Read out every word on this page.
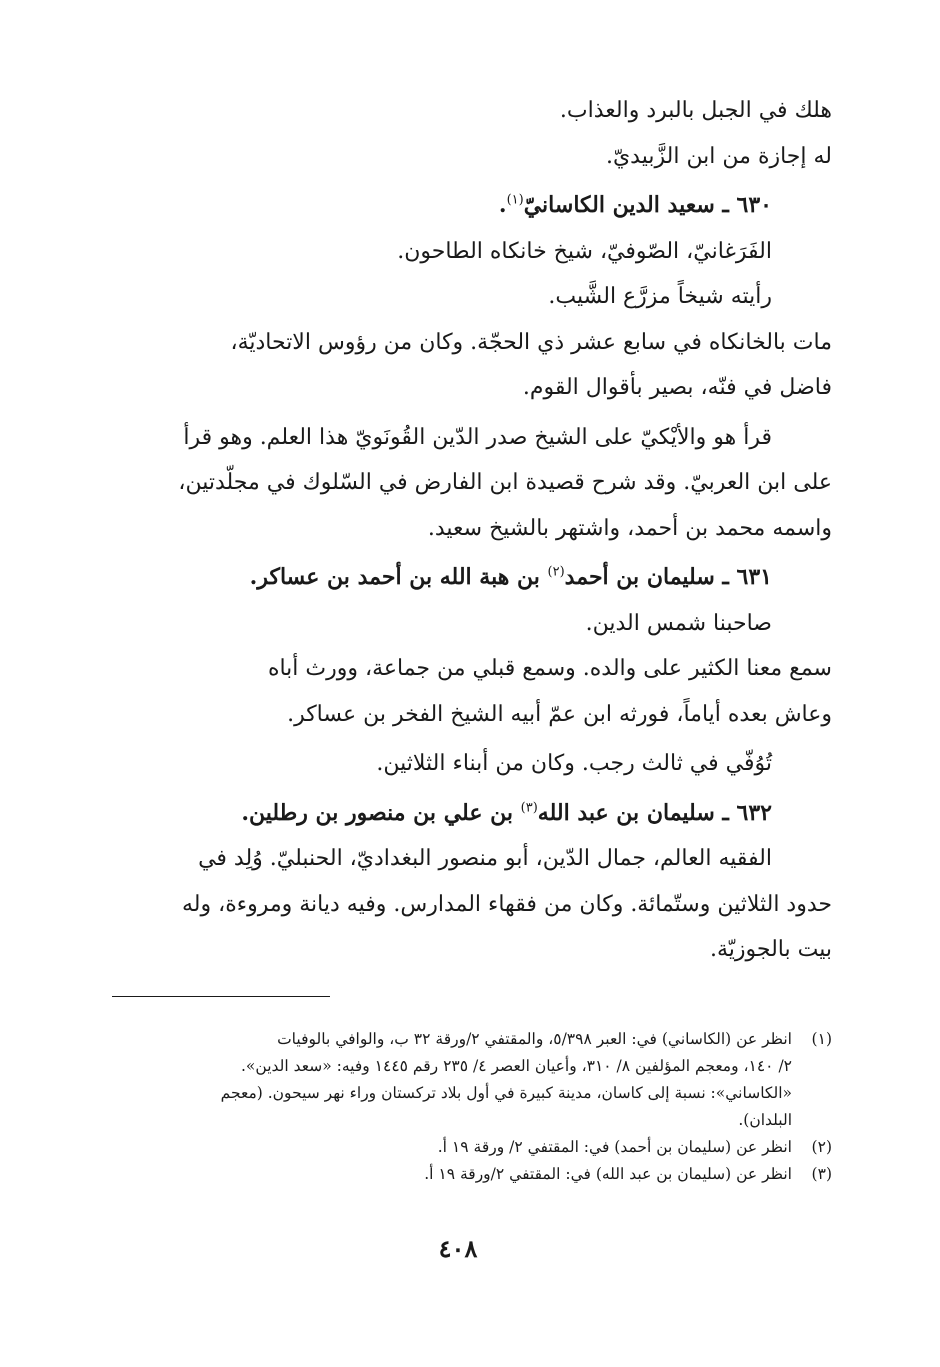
هلك في الجبل بالبرد والعذاب.
له إجازة من ابن الزَّبيديّ.
٦٣٠ ـ سعيد الدين الكاسانيّ$^{(١)}$.
الفَرَغانيّ، الصّوفيّ، شيخ خانكاه الطاحون.
رأيته شيخاً مزرَّع الشَّيب.
مات بالخانكاه في سابع عشر ذي الحجّة. وكان من رؤوس الاتحاديّة،
فاضل في فنّه، بصير بأقوال القوم.
قرأ هو والأيْكيّ على الشيخ صدر الدّين القُونَويّ هذا العلم. وهو قرأ
على ابن العربيّ. وقد شرح قصيدة ابن الفارض في السّلوك في مجلّدتين،
واسمه محمد بن أحمد، واشتهر بالشيخ سعيد.
٦٣١ ـ سليمان بن أحمد$^{(٢)}$ بن هبة الله بن أحمد بن عساكر.
صاحبنا شمس الدين.
سمع معنا الكثير على والده. وسمع قبلي من جماعة، وورث أباه
وعاش بعده أياماً، فورثه ابن عمّ أبيه الشيخ الفخر بن عساكر.
تُوُفّي في ثالث رجب. وكان من أبناء الثلاثين.
٦٣٢ ـ سليمان بن عبد الله$^{(٣)}$ بن علي بن منصور بن رطلين.
الفقيه العالم، جمال الدّين، أبو منصور البغداديّ، الحنبليّ. وُلِد في
حدود الثلاثين وستّمائة. وكان من فقهاء المدارس. وفيه ديانة ومروءة، وله
بيت بالجوزيّة.
(١)
انظر عن (الكاساني) في: العبر ٥/٣٩٨، والمقتفي ٢/ورقة ٣٢ ب، والوافي بالوفيات
٢/ ١٤٠، ومعجم المؤلفين ٨/ ٣١٠، وأعيان العصر ٤/ ٢٣٥ رقم ١٤٤٥ وفيه: «سعد الدين».
«الكاساني»: نسبة إلى كاسان، مدينة كبيرة في أول بلاد تركستان وراء نهر سيحون. (معجم
البلدان).
(٢)
انظر عن (سليمان بن أحمد) في: المقتفي ٢/ ورقة ١٩ أ.
(٣)
انظر عن (سليمان بن عبد الله) في: المقتفي ٢/ورقة ١٩ أ.
٤٠٨
